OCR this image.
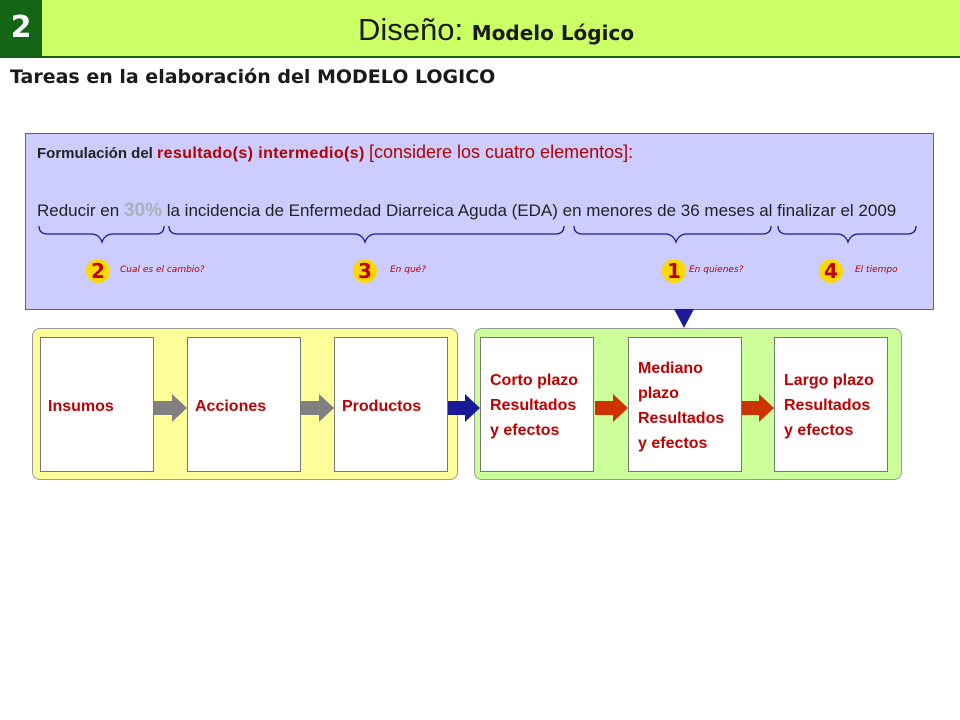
2	Diseño: Modelo Lógico
Tareas en la elaboración del MODELO LOGICO
Formulación del resultado(s) intermedio(s) [considere los cuatro elementos]:
Reducir en 30% la incidencia de Enfermedad Diarreica Aguda (EDA) en menores de 36 meses al finalizar el 2009
2	Cual es el cambio?	3	En qué?	1 En quienes?	4	El tiempo
Insumos	Acciones	Productos
Corto plazo
Resultados
y efectos
Mediano
plazo
Resultados
y efectos
Largo plazo
Resultados
y efectos
